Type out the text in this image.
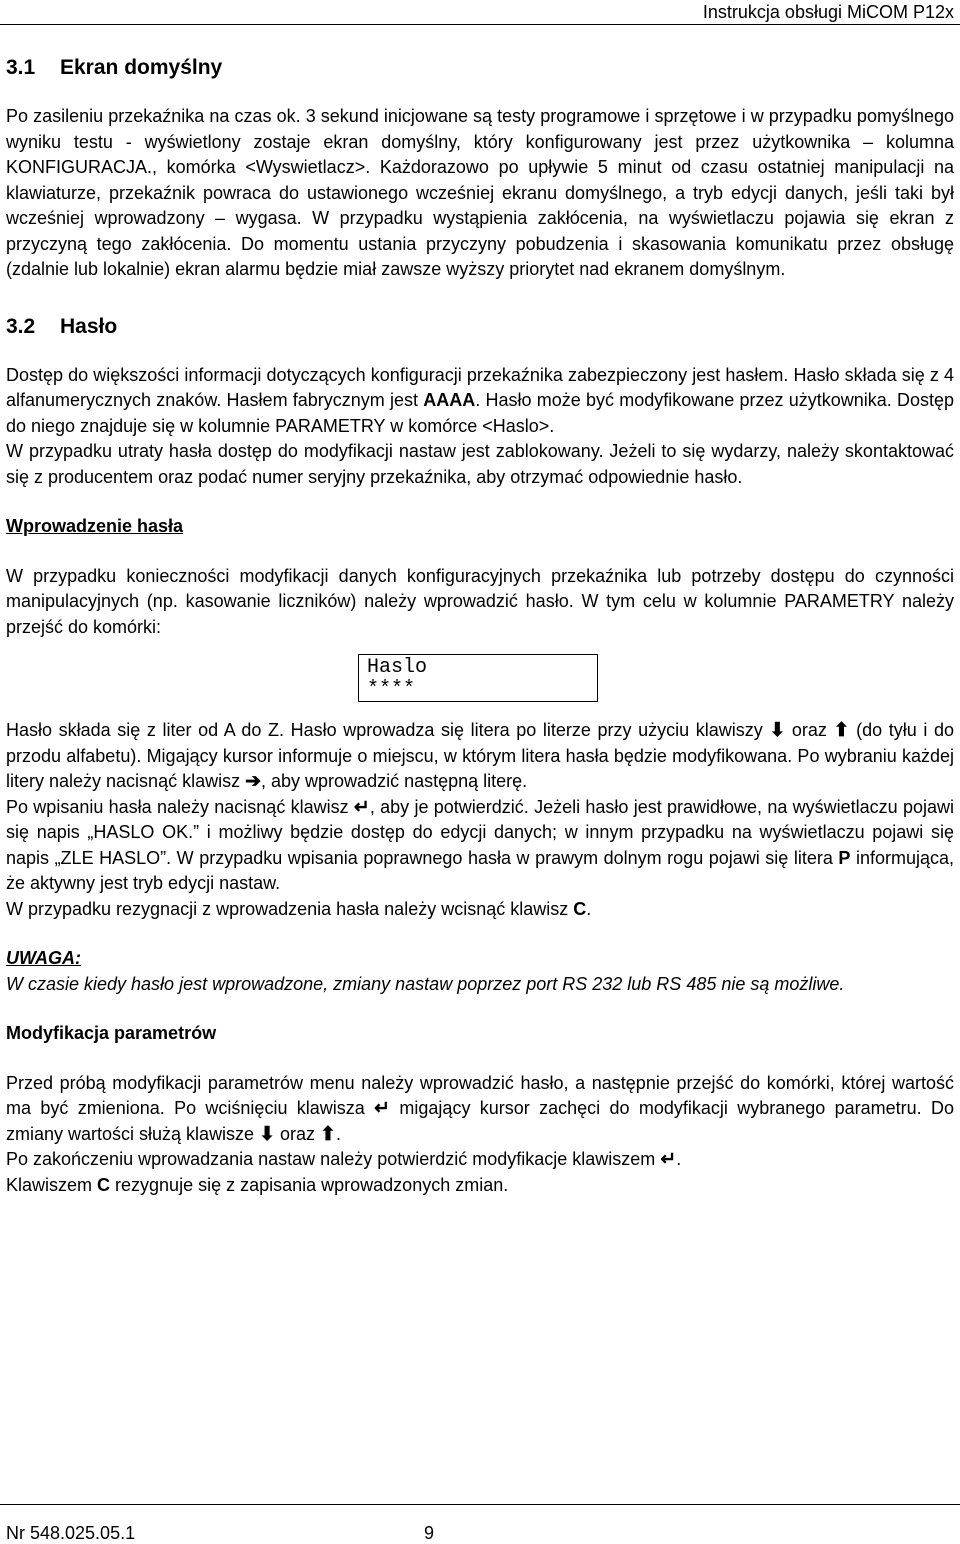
Instrukcja obsługi MiCOM P12x
3.1 Ekran domyślny

Po zasileniu przekaźnika na czas ok. 3 sekund inicjowane są testy programowe i sprzętowe i w przypadku pomyślnego wyniku testu - wyświetlony zostaje ekran domyślny, który konfigurowany jest przez użytkownika – kolumna KONFIGURACJA., komórka <Wyswietlacz>. Każdorazowo po upływie 5 minut od czasu ostatniej manipulacji na klawiaturze, przekaźnik powraca do ustawionego wcześniej ekranu domyślnego, a tryb edycji danych, jeśli taki był wcześniej wprowadzony – wygasa. W przypadku wystąpienia zakłócenia, na wyświetlaczu pojawia się ekran z przyczyną tego zakłócenia. Do momentu ustania przyczyny pobudzenia i skasowania komunikatu przez obsługę (zdalnie lub lokalnie) ekran alarmu będzie miał zawsze wyższy priorytet nad ekranem domyślnym.

3.2 Hasło

Dostęp do większości informacji dotyczących konfiguracji przekaźnika zabezpieczony jest hasłem. Hasło składa się z 4 alfanumerycznych znaków. Hasłem fabrycznym jest AAAA. Hasło może być modyfikowane przez użytkownika. Dostęp do niego znajduje się w kolumnie PARAMETRY w komórce <Haslo>.

W przypadku utraty hasła dostęp do modyfikacji nastaw jest zablokowany. Jeżeli to się wydarzy, należy skontaktować się z producentem oraz podać numer seryjny przekaźnika, aby otrzymać odpowiednie hasło.

Wprowadzenie hasła

W przypadku konieczności modyfikacji danych konfiguracyjnych przekaźnika lub potrzeby dostępu do czynności manipulacyjnych (np. kasowanie liczników) należy wprowadzić hasło. W tym celu w kolumnie PARAMETRY należy przejść do komórki:

Haslo
****

Hasło składa się z liter od A do Z. Hasło wprowadza się litera po literze przy użyciu klawiszy ⬇ oraz ⬆ (do tyłu i do przodu alfabetu). Migający kursor informuje o miejscu, w którym litera hasła będzie modyfikowana. Po wybraniu każdej litery należy nacisnąć klawisz ➔, aby wprowadzić następną literę.

Po wpisaniu hasła należy nacisnąć klawisz ↵, aby je potwierdzić. Jeżeli hasło jest prawidłowe, na wyświetlaczu pojawi się napis „HASLO OK.” i możliwy będzie dostęp do edycji danych; w innym przypadku na wyświetlaczu pojawi się napis „ZLE HASLO”. W przypadku wpisania poprawnego hasła w prawym dolnym rogu pojawi się litera P informująca, że aktywny jest tryb edycji nastaw.

W przypadku rezygnacji z wprowadzenia hasła należy wcisnąć klawisz C.

UWAGA:

W czasie kiedy hasło jest wprowadzone, zmiany nastaw poprzez port RS 232 lub RS 485 nie są możliwe.

Modyfikacja parametrów

Przed próbą modyfikacji parametrów menu należy wprowadzić hasło, a następnie przejść do komórki, której wartość ma być zmieniona. Po wciśnięciu klawisza ↵ migający kursor zachęci do modyfikacji wybranego parametru. Do zmiany wartości służą klawisze ⬇ oraz ⬆.

Po zakończeniu wprowadzania nastaw należy potwierdzić modyfikacje klawiszem ↵.

Klawiszem C rezygnuje się z zapisania wprowadzonych zmian.

Nr 548.025.05.1	9
